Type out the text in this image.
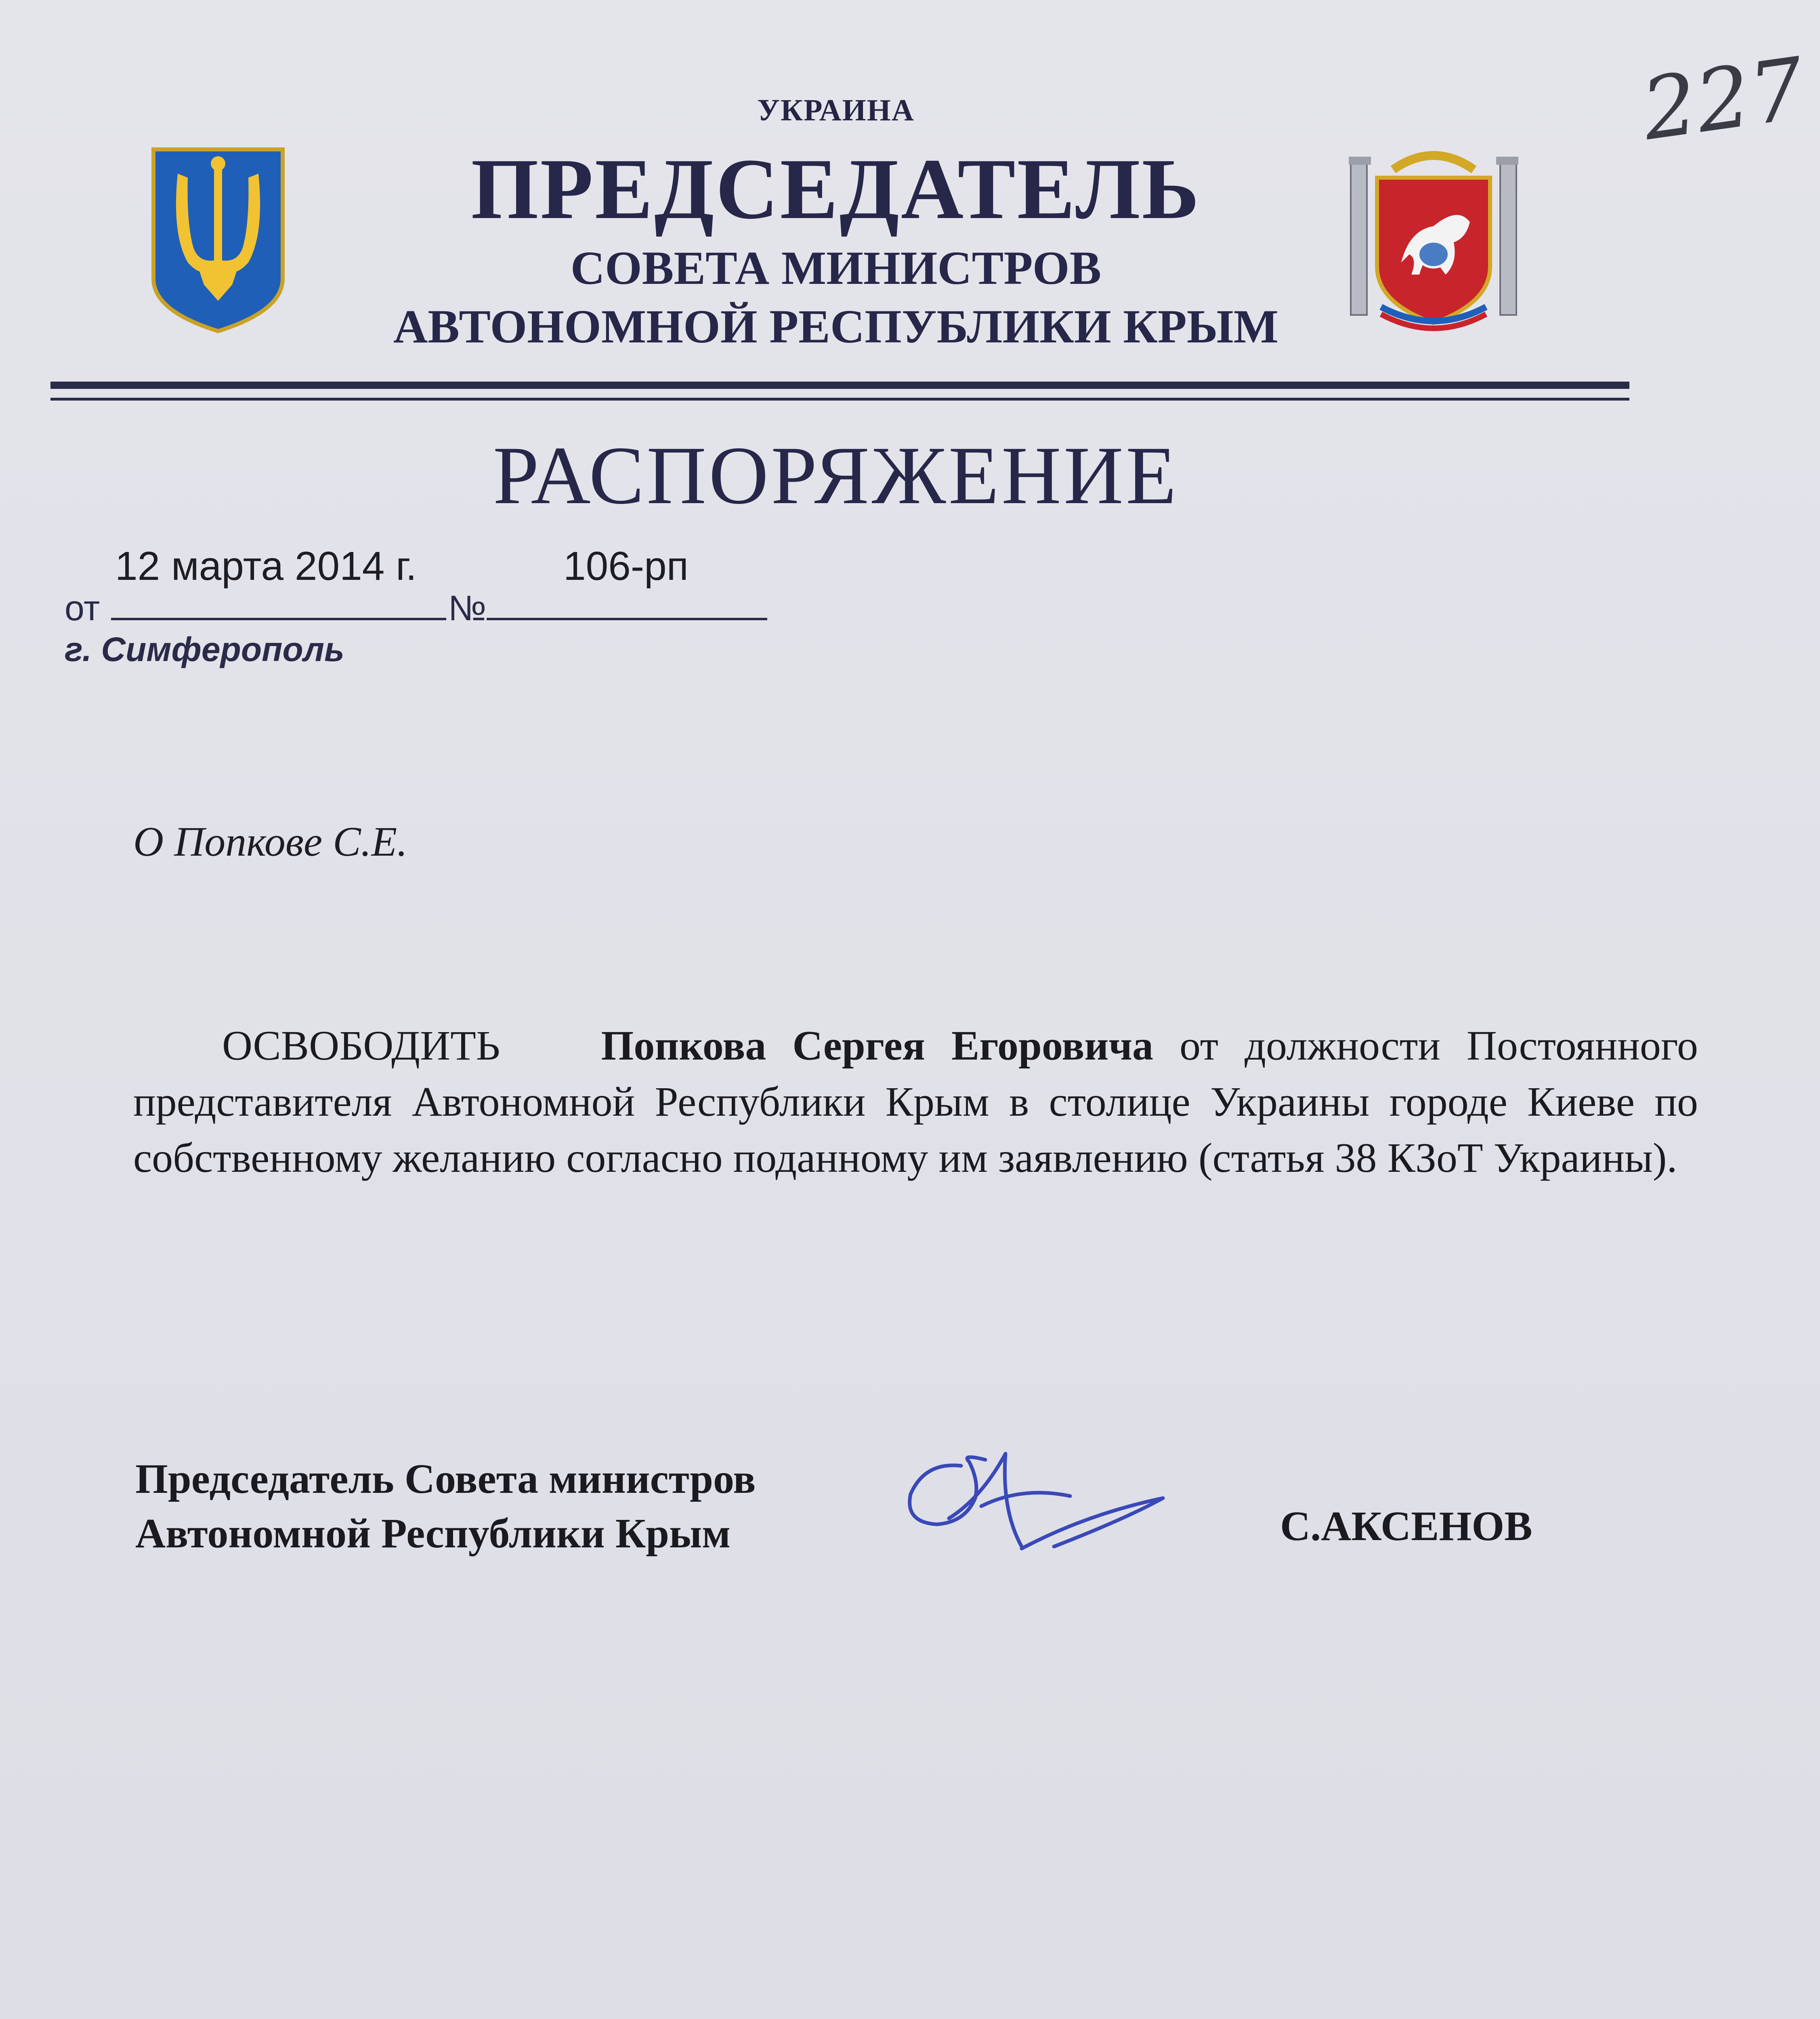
227
УКРАИНА
ПРЕДСЕДАТЕЛЬ
СОВЕТА МИНИСТРОВ
АВТОНОМНОЙ РЕСПУБЛИКИ КРЫМ
РАСПОРЯЖЕНИЕ
12 марта 2014 г.	106-рп
от	№
г. Симферополь
О Попкове С.Е.
ОСВОБОДИТЬ Попкова Сергея Егоровича от должности Постоянного представителя Автономной Республики Крым в столице Украины городе Киеве по собственному желанию согласно поданному им заявлению (статья 38 КЗоТ Украины).
Председатель Совета министров
Автономной Республики Крым	С.АКСЕНОВ
